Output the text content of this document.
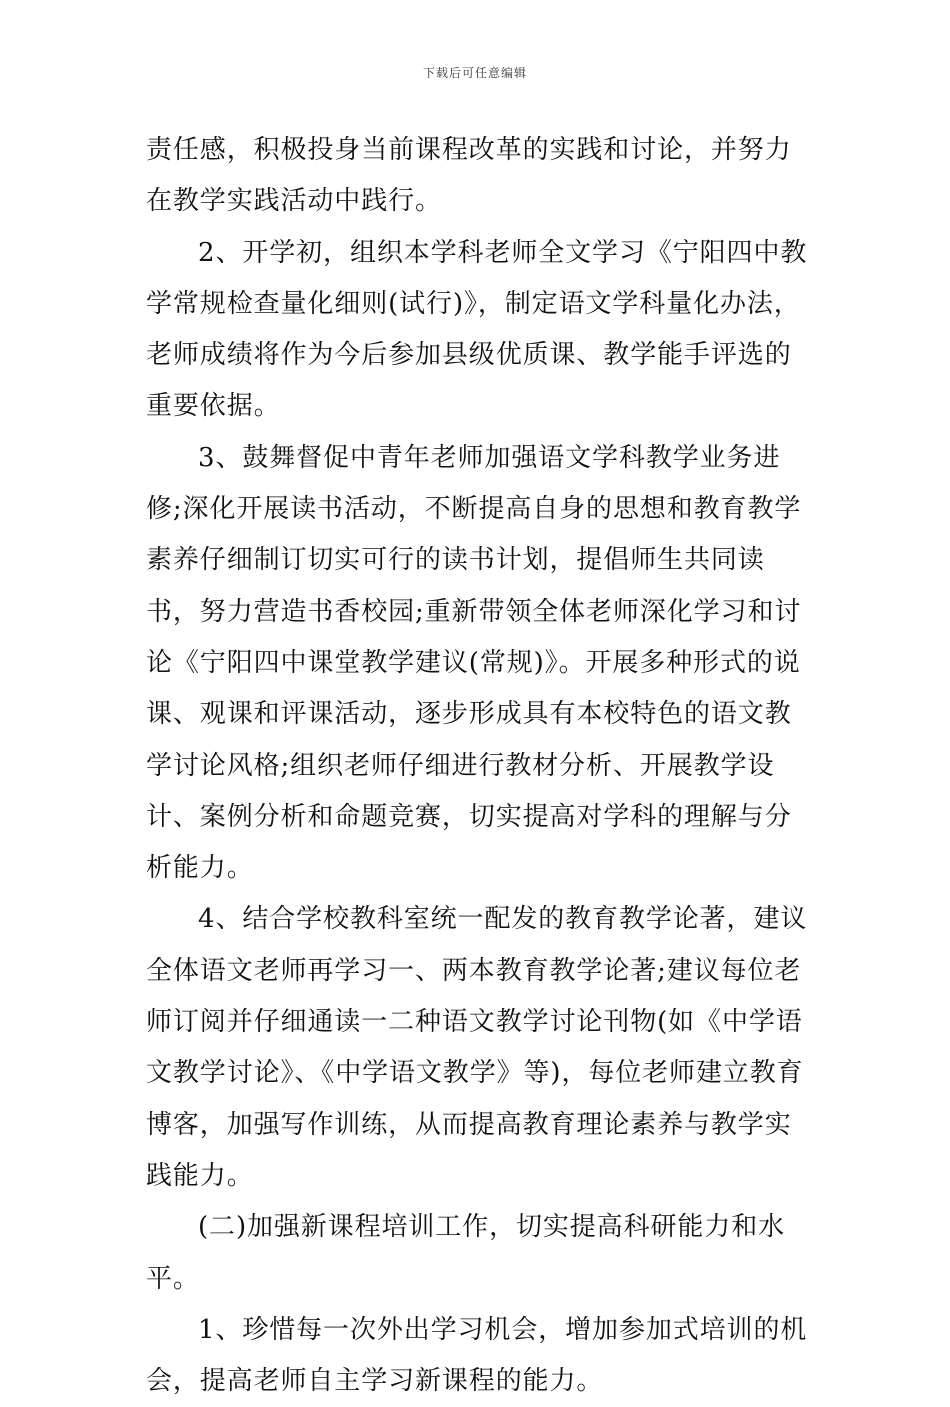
下载后可任意编辑

责任感，积极投身当前课程改革的实践和讨论，并努力在教学实践活动中践行。

2、开学初，组织本学科老师全文学习《宁阳四中教学常规检查量化细则(试行)》，制定语文学科量化办法，老师成绩将作为今后参加县级优质课、教学能手评选的重要依据。

3、鼓舞督促中青年老师加强语文学科教学业务进修;深化开展读书活动，不断提高自身的思想和教育教学素养仔细制订切实可行的读书计划，提倡师生共同读书，努力营造书香校园;重新带领全体老师深化学习和讨论《宁阳四中课堂教学建议(常规)》。开展多种形式的说课、观课和评课活动，逐步形成具有本校特色的语文教学讨论风格;组织老师仔细进行教材分析、开展教学设计、案例分析和命题竞赛，切实提高对学科的理解与分析能力。

4、结合学校教科室统一配发的教育教学论著，建议全体语文老师再学习一、两本教育教学论著;建议每位老师订阅并仔细通读一二种语文教学讨论刊物(如《中学语文教学讨论》、《中学语文教学》等)，每位老师建立教育博客，加强写作训练，从而提高教育理论素养与教学实践能力。

(二)加强新课程培训工作，切实提高科研能力和水平。

1、珍惜每一次外出学习机会，增加参加式培训的机会，提高老师自主学习新课程的能力。
